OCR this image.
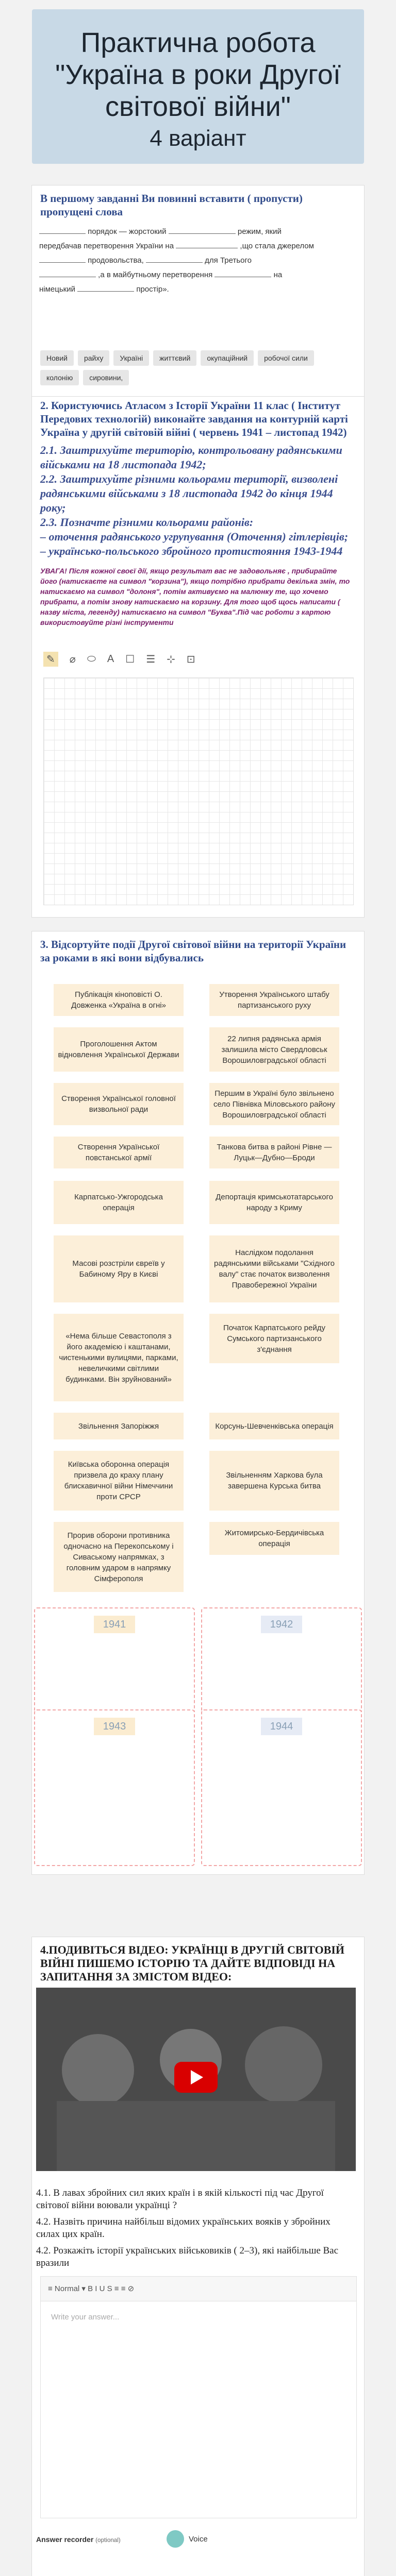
Практична робота "Україна в роки Другої світової війни"
4 варіант
В першому завданні Ви повинні вставити ( пропусти) пропущені слова
порядок — жорстокий	режим, який
передбачав перетворення України на	,що стала джерелом
продовольства,	для Третього
,а в майбутньому перетворення	на
німецький	простір».
Новий	райху	Україні	життєвий	окупаційний	робочої сили
колонію	сировини,
2. Користуючись Атласом з Історії України 11 клас ( Інститут Передових технологій) виконайте завдання на контурній карті Україна у другій світовій війні ( червень 1941 – листопад 1942)
2.1. Заштрихуйте територію, контрольовану радянськими військами на 18 листопада 1942;
2.2. Заштрихуйте різними кольорами території, визволені радянськими військами з 18 листопада 1942 до кінця 1944 року;
2.3. Позначте різними кольорами районів:
– оточення радянського угрупування (Оточення) гітлерівців;
– українсько-польського збройного протистояння 1943-1944
УВАГА! Після кожної своєї дії, якщо результат вас не задовольняє , прибирайте його (натискаєте на символ "корзина"), якщо потрібно прибрати декілька змін, то натискаємо на символ "долоня", потім активуємо на малюнку те, що хочемо прибрати, а потім знову натискаємо на корзину. Для того щоб щось написати ( назву міста, легенду) натискаємо на символ "Буква".Під час роботи з картою використовуйте різні інструменти
✎	⌀ ⬭ A ☐ ☰ ⊹ ⊡
3. Відсортуйте події Другої світової війни на території України за роками в які вони відбувались
Публікація кіноповісті О. Довженка «Україна в огні»
Утворення Українського штабу партизанського руху
Проголошення Актом відновлення Української Держави
22 липня радянська армія залишила місто Свердловськ Ворошиловградської області
Створення Української головної визвольної ради
Першим в Україні було звільнено село Півнівка Міловського району Ворошиловградської області
Створення Української повстанської армії
Танкова битва в районі Рівне —Луцьк—Дубно—Броди
Карпатсько-Ужгородська операція
Депортація кримськотатарського народу з Криму
Масові розстріли євреїв у Бабиному Яру в Києві
Наслідком подолання радянськими військами "Східного валу" стає початок визволення Правобережної України
«Нема більше Севастополя з його академією і каштанами, чистенькими вулицями, парками, невеличкими світлими будинками. Він зруйнований»
Початок Карпатського рейду Сумського партизанського з'єднання
Звільнення Запоріжжя	Корсунь-Шевченківська операція
Київська оборонна операція призвела до краху плану блискавичної війни Німеччини проти СРСР
Звільненням Харкова була завершена Курська битва
Прорив оборони противника одночасно на Перекопському і Сиваському напрямках, з головним ударом в напрямку Сімферополя
Житомирсько-Бердичівська операція
1941	1942
1943	1944
4.ПОДИВІТЬСЯ ВІДЕО: УКРАЇНЦІ В ДРУГІЙ СВІТОВІЙ ВІЙНІ ПИШЕМО ІСТОРІЮ ТА ДАЙТЕ ВІДПОВІДІ НА ЗАПИТАННЯ ЗА ЗМІСТОМ ВІДЕО:
4.1. В лавах збройних сил яких країн і в якій кількості під час Другої світової війни воювали українці ?
4.2. Назвіть причина найбільш відомих українських вояків у збройних силах цих країн.
4.2. Розкажіть історії українських військовиків ( 2–3), які найбільше Вас вразили
≡ Normal ▾ B I U S ≡ ≡ ⊘
Write your answer...
Answer recorder (optional)	Voice
